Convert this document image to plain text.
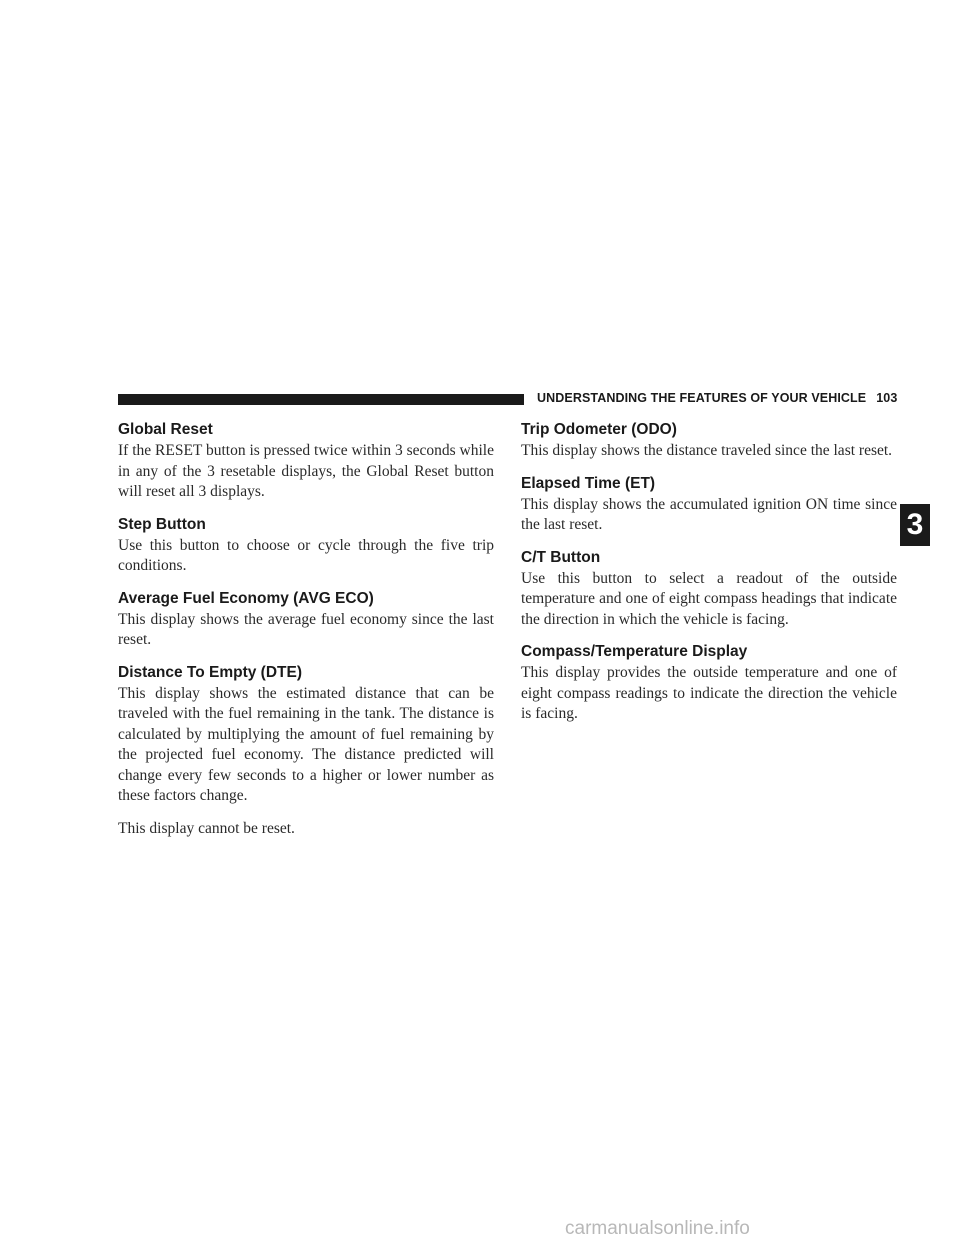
UNDERSTANDING THE FEATURES OF YOUR VEHICLE 103
3
Global Reset

If the RESET button is pressed twice within 3 seconds while in any of the 3 resetable displays, the Global Reset button will reset all 3 displays.

Step Button

Use this button to choose or cycle through the five trip conditions.

Average Fuel Economy (AVG ECO)

This display shows the average fuel economy since the last reset.

Distance To Empty (DTE)

This display shows the estimated distance that can be traveled with the fuel remaining in the tank. The distance is calculated by multiplying the amount of fuel remaining by the projected fuel economy. The distance predicted will change every few seconds to a higher or lower number as these factors change.

This display cannot be reset.

Trip Odometer (ODO)

This display shows the distance traveled since the last reset.

Elapsed Time (ET)

This display shows the accumulated ignition ON time since the last reset.

C/T Button

Use this button to select a readout of the outside temperature and one of eight compass headings that indicate the direction in which the vehicle is facing.

Compass/Temperature Display

This display provides the outside temperature and one of eight compass readings to indicate the direction the vehicle is facing.

carmanualsonline.info
